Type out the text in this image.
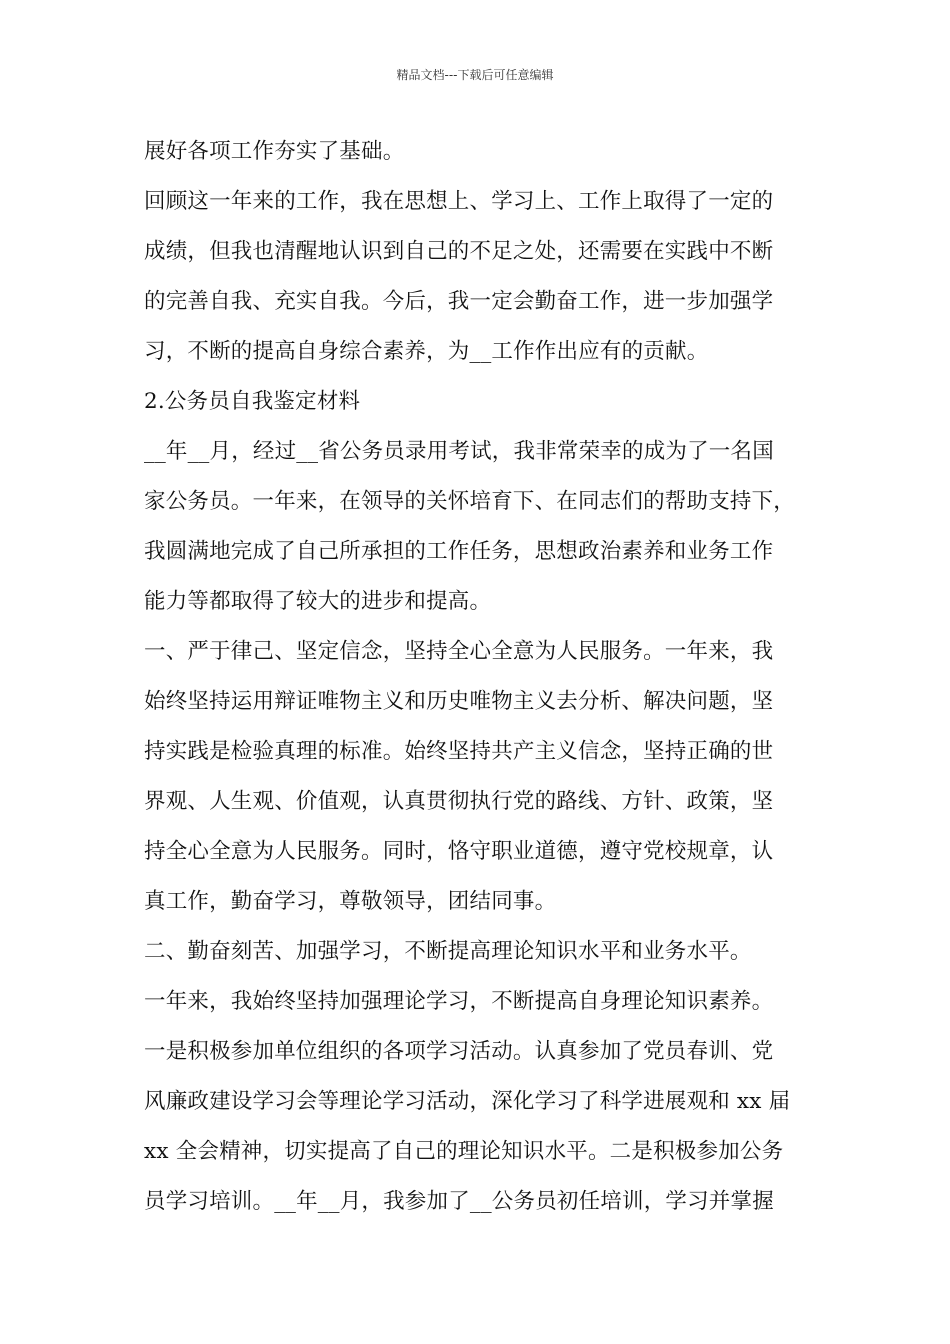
精品文档---下载后可任意编辑
展好各项工作夯实了基础。
回顾这一年来的工作，我在思想上、学习上、工作上取得了一定的
成绩，但我也清醒地认识到自己的不足之处，还需要在实践中不断
的完善自我、充实自我。今后，我一定会勤奋工作，进一步加强学
习，不断的提高自身综合素养，为__工作作出应有的贡献。
2.公务员自我鉴定材料
__年__月，经过__省公务员录用考试，我非常荣幸的成为了一名国
家公务员。一年来，在领导的关怀培育下、在同志们的帮助支持下，
我圆满地完成了自己所承担的工作任务，思想政治素养和业务工作
能力等都取得了较大的进步和提高。
一、严于律己、坚定信念，坚持全心全意为人民服务。一年来，我
始终坚持运用辩证唯物主义和历史唯物主义去分析、解决问题，坚
持实践是检验真理的标准。始终坚持共产主义信念，坚持正确的世
界观、人生观、价值观，认真贯彻执行党的路线、方针、政策，坚
持全心全意为人民服务。同时，恪守职业道德，遵守党校规章，认
真工作，勤奋学习，尊敬领导，团结同事。
二、勤奋刻苦、加强学习，不断提高理论知识水平和业务水平。
一年来，我始终坚持加强理论学习，不断提高自身理论知识素养。
一是积极参加单位组织的各项学习活动。认真参加了党员春训、党
风廉政建设学习会等理论学习活动，深化学习了科学进展观和 xx 届
xx 全会精神，切实提高了自己的理论知识水平。二是积极参加公务
员学习培训。__年__月，我参加了__公务员初任培训，学习并掌握
